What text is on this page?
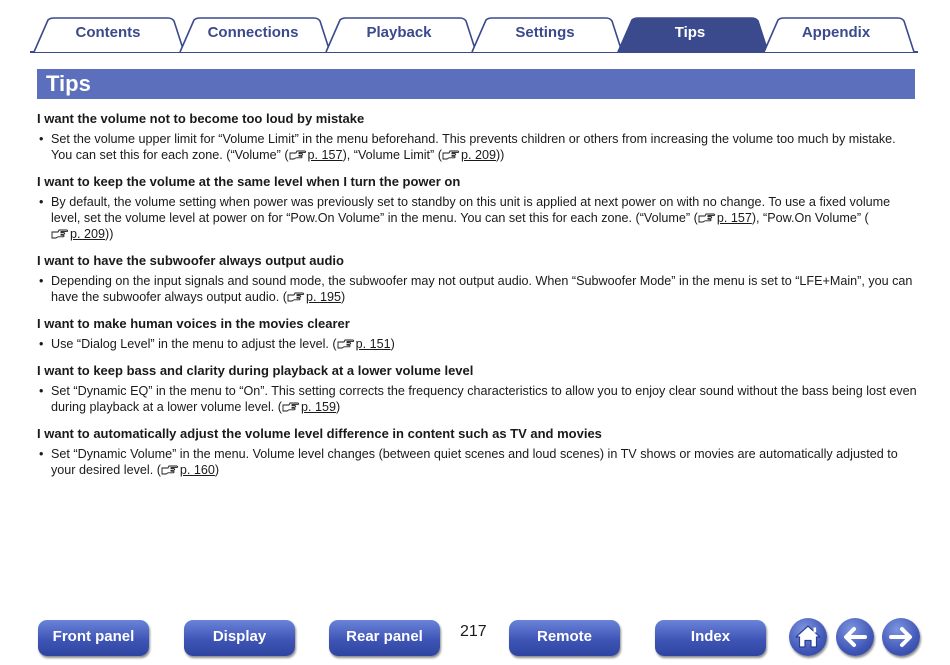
Contents	Connections	Playback	Settings	Tips	Appendix
Tips

I want the volume not to become too loud by mistake

• Set the volume upper limit for “Volume Limit” in the menu beforehand. This prevents children or others from increasing the volume too much by mistake. You can set this for each zone. (“Volume” ( p. 157), “Volume Limit” ( p. 209))

I want to keep the volume at the same level when I turn the power on

• By default, the volume setting when power was previously set to standby on this unit is applied at next power on with no change. To use a fixed volume level, set the volume level at power on for “Pow.On Volume” in the menu. You can set this for each zone. (“Volume” ( p. 157), “Pow.On Volume” (p. 209))

I want to have the subwoofer always output audio

• Depending on the input signals and sound mode, the subwoofer may not output audio. When “Subwoofer Mode” in the menu is set to “LFE+Main”, you can have the subwoofer always output audio. ( p. 195)

I want to make human voices in the movies clearer

• Use “Dialog Level” in the menu to adjust the level. ( p. 151)

I want to keep bass and clarity during playback at a lower volume level

• Set “Dynamic EQ” in the menu to “On”. This setting corrects the frequency characteristics to allow you to enjoy clear sound without the bass being lost even during playback at a lower volume level. ( p. 159)

I want to automatically adjust the volume level difference in content such as TV and movies

• Set “Dynamic Volume” in the menu. Volume level changes (between quiet scenes and loud scenes) in TV shows or movies are automatically adjusted to your desired level. ( p. 160)

Front panel	Display	Rear panel	217	Remote	Index
